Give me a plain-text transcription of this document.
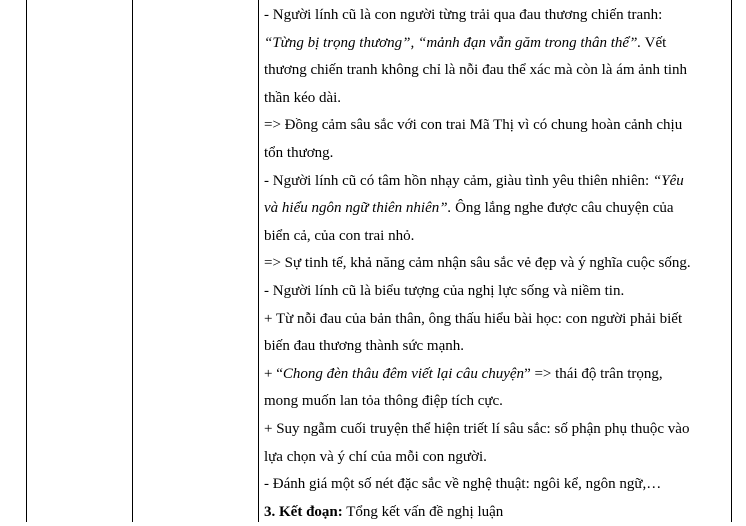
- Người lính cũ là con người từng trải qua đau thương chiến tranh:
“Từng bị trọng thương”, “mảnh đạn vẫn găm trong thân thể”. Vết
thương chiến tranh không chỉ là nỗi đau thể xác mà còn là ám ảnh tinh
thần kéo dài.
=> Đồng cảm sâu sắc với con trai Mã Thị vì có chung hoàn cảnh chịu
tổn thương.
- Người lính cũ có tâm hồn nhạy cảm, giàu tình yêu thiên nhiên: “Yêu
và hiểu ngôn ngữ thiên nhiên”. Ông lắng nghe được câu chuyện của
biển cả, của con trai nhỏ.
=> Sự tinh tế, khả năng cảm nhận sâu sắc vẻ đẹp và ý nghĩa cuộc sống.
- Người lính cũ là biểu tượng của nghị lực sống và niềm tin.
+ Từ nỗi đau của bản thân, ông thấu hiểu bài học: con người phải biết
biến đau thương thành sức mạnh.
+ “Chong đèn thâu đêm viết lại câu chuyện” => thái độ trân trọng,
mong muốn lan tỏa thông điệp tích cực.
+ Suy ngẫm cuối truyện thể hiện triết lí sâu sắc: số phận phụ thuộc vào
lựa chọn và ý chí của mỗi con người.
- Đánh giá một số nét đặc sắc về nghệ thuật: ngôi kể, ngôn ngữ,…
3. Kết đoạn: Tổng kết vấn đề nghị luận
